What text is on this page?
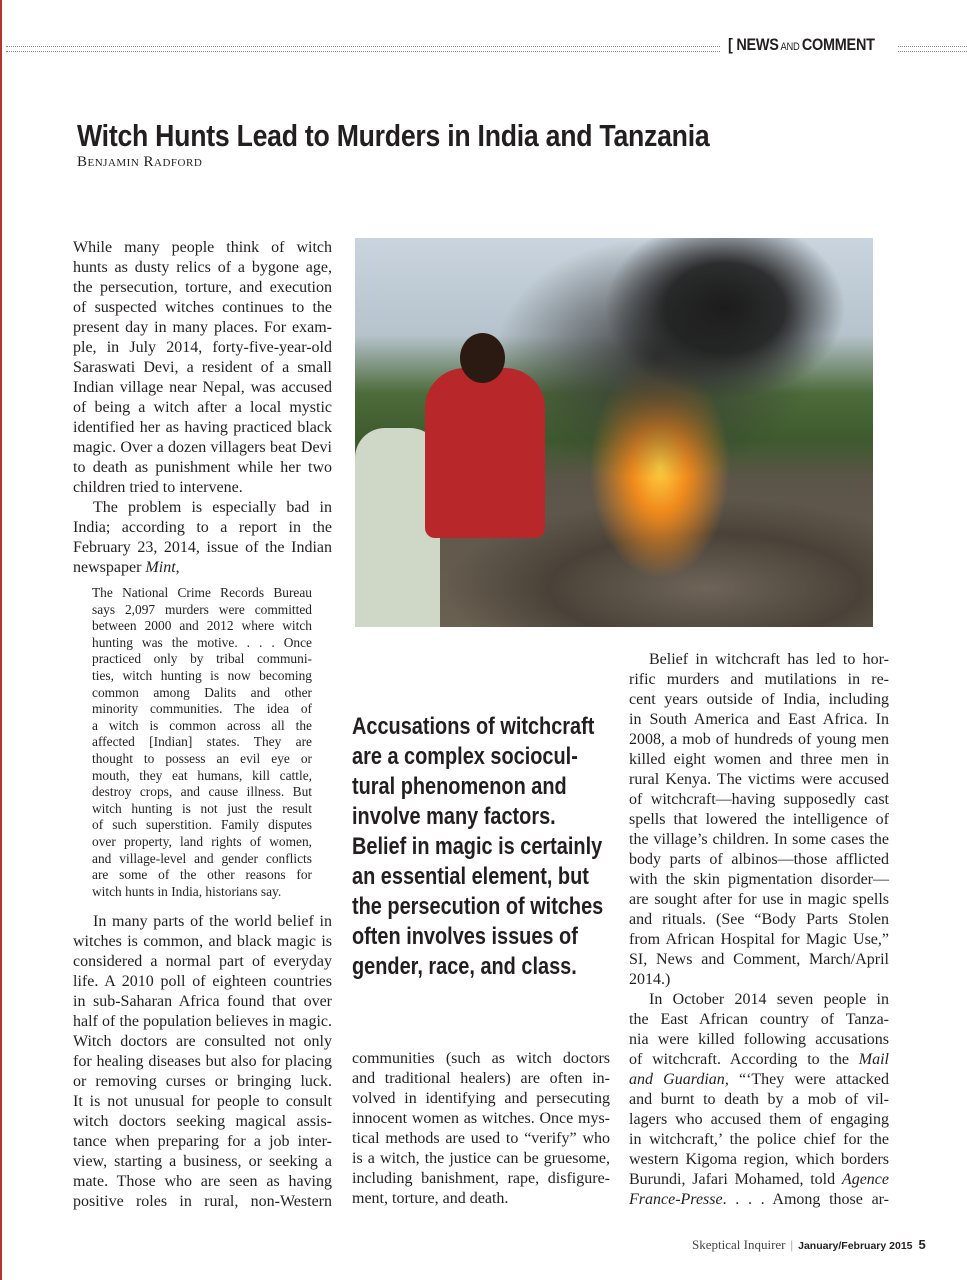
[ NEWS AND COMMENT
Witch Hunts Lead to Murders in India and Tanzania
Benjamin Radford
While many people think of witch
hunts as dusty relics of a bygone age,
the persecution, torture, and execution
of suspected witches continues to the
present day in many places. For exam-
ple, in July 2014, forty-five-year-old
Saraswati Devi, a resident of a small
Indian village near Nepal, was accused
of being a witch after a local mystic
identified her as having practiced black
magic. Over a dozen villagers beat Devi
to death as punishment while her two
children tried to intervene.
The problem is especially bad in
India; according to a report in the
February 23, 2014, issue of the Indian
newspaper Mint,
The National Crime Records Bureau
says 2,097 murders were committed
between 2000 and 2012 where witch
hunting was the motive. . . . Once
practiced only by tribal communi-
ties, witch hunting is now becoming
common among Dalits and other
minority communities. The idea of
a witch is common across all the
affected [Indian] states. They are
thought to possess an evil eye or
mouth, they eat humans, kill cattle,
destroy crops, and cause illness. But
witch hunting is not just the result
of such superstition. Family disputes
over property, land rights of women,
and village-level and gender conflicts
are some of the other reasons for
witch hunts in India, historians say.
In many parts of the world belief in
witches is common, and black magic is
considered a normal part of everyday
life. A 2010 poll of eighteen countries
in sub-Saharan Africa found that over
half of the population believes in magic.
Witch doctors are consulted not only
for healing diseases but also for placing
or removing curses or bringing luck.
It is not unusual for people to consult
witch doctors seeking magical assis-
tance when preparing for a job inter-
view, starting a business, or seeking a
mate. Those who are seen as having
positive roles in rural, non-Western
Accusations of witchcraft
are a complex sociocul-
tural phenomenon and
involve many factors.
Belief in magic is certainly
an essential element, but
the persecution of witches
often involves issues of
gender, race, and class.
communities (such as witch doctors
and traditional healers) are often in-
volved in identifying and persecuting
innocent women as witches. Once mys-
tical methods are used to “verify” who
is a witch, the justice can be gruesome,
including banishment, rape, disfigure-
ment, torture, and death.
Belief in witchcraft has led to hor-
rific murders and mutilations in re-
cent years outside of India, including
in South America and East Africa. In
2008, a mob of hundreds of young men
killed eight women and three men in
rural Kenya. The victims were accused
of witchcraft—having supposedly cast
spells that lowered the intelligence of
the village’s children. In some cases the
body parts of albinos—those afflicted
with the skin pigmentation disorder—
are sought after for use in magic spells
and rituals. (See “Body Parts Stolen
from African Hospital for Magic Use,”
SI, News and Comment, March/April
2014.)
In October 2014 seven people in
the East African country of Tanza-
nia were killed following accusations
of witchcraft. According to the Mail
and Guardian, “‘They were attacked
and burnt to death by a mob of vil-
lagers who accused them of engaging
in witchcraft,’ the police chief for the
western Kigoma region, which borders
Burundi, Jafari Mohamed, told Agence
France-Presse. . . . Among those ar-
Skeptical Inquirer | January/February 2015 5
